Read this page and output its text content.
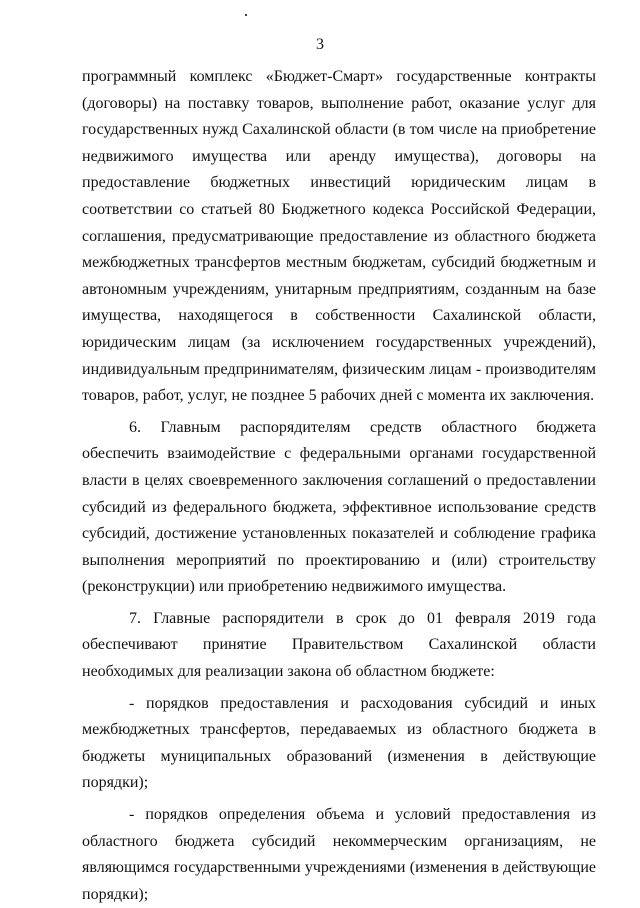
3

программный комплекс «Бюджет-Смарт» государственные контракты (договоры) на поставку товаров, выполнение работ, оказание услуг для государственных нужд Сахалинской области (в том числе на приобретение недвижимого имущества или аренду имущества), договоры на предоставление бюджетных инвестиций юридическим лицам в соответствии со статьей 80 Бюджетного кодекса Российской Федерации, соглашения, предусматривающие предоставление из областного бюджета межбюджетных трансфертов местным бюджетам, субсидий бюджетным и автономным учреждениям, унитарным предприятиям, созданным на базе имущества, находящегося в собственности Сахалинской области, юридическим лицам (за исключением государственных учреждений), индивидуальным предпринимателям, физическим лицам - производителям товаров, работ, услуг, не позднее 5 рабочих дней с момента их заключения.

6. Главным распорядителям средств областного бюджета обеспечить взаимодействие с федеральными органами государственной власти в целях своевременного заключения соглашений о предоставлении субсидий из федерального бюджета, эффективное использование средств субсидий, достижение установленных показателей и соблюдение графика выполнения мероприятий по проектированию и (или) строительству (реконструкции) или приобретению недвижимого имущества.

7. Главные распорядители в срок до 01 февраля 2019 года обеспечивают принятие Правительством Сахалинской области необходимых для реализации закона об областном бюджете:

- порядков предоставления и расходования субсидий и иных межбюджетных трансфертов, передаваемых из областного бюджета в бюджеты муниципальных образований (изменения в действующие порядки);

- порядков определения объема и условий предоставления из областного бюджета субсидий некоммерческим организациям, не являющимся государственными учреждениями (изменения в действующие порядки);
